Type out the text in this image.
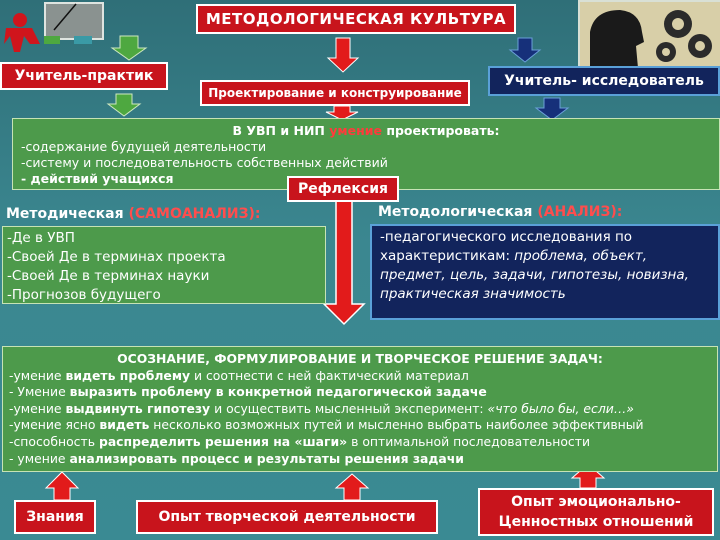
МЕТОДОЛОГИЧЕСКАЯ КУЛЬТУРА
Учитель-практик
Проектирование и конструирование
Учитель- исследователь
В УВП и НИП умение проектировать:
-содержание будущей деятельности
-систему и последовательность собственных действий
- действий учащихся
Рефлексия
Методическая (САМОАНАЛИЗ):
-Де в УВП
-Своей Де в терминах проекта
-Своей Де в терминах науки
-Прогнозов будущего
Методологическая (АНАЛИЗ):
-педагогического исследования по
характеристикам: проблема, объект, предмет, цель, задачи, гипотезы, новизна, практическая значимость
ОСОЗНАНИЕ, ФОРМУЛИРОВАНИЕ И ТВОРЧЕСКОЕ РЕШЕНИЕ ЗАДАЧ:
-умение видеть проблему и соотнести с ней фактический материал
- Умение выразить проблему в конкретной педагогической задаче
-умение выдвинуть гипотезу и осуществить мысленный эксперимент: «что было бы, если…»
-умение ясно видеть несколько возможных путей и мысленно выбрать наиболее эффективный
-способность распределить решения на «шаги» в оптимальной последовательности
- умение анализировать процесс и результаты решения задачи
Знания	Опыт творческой деятельности
Опыт эмоционально-
Ценностных отношений
